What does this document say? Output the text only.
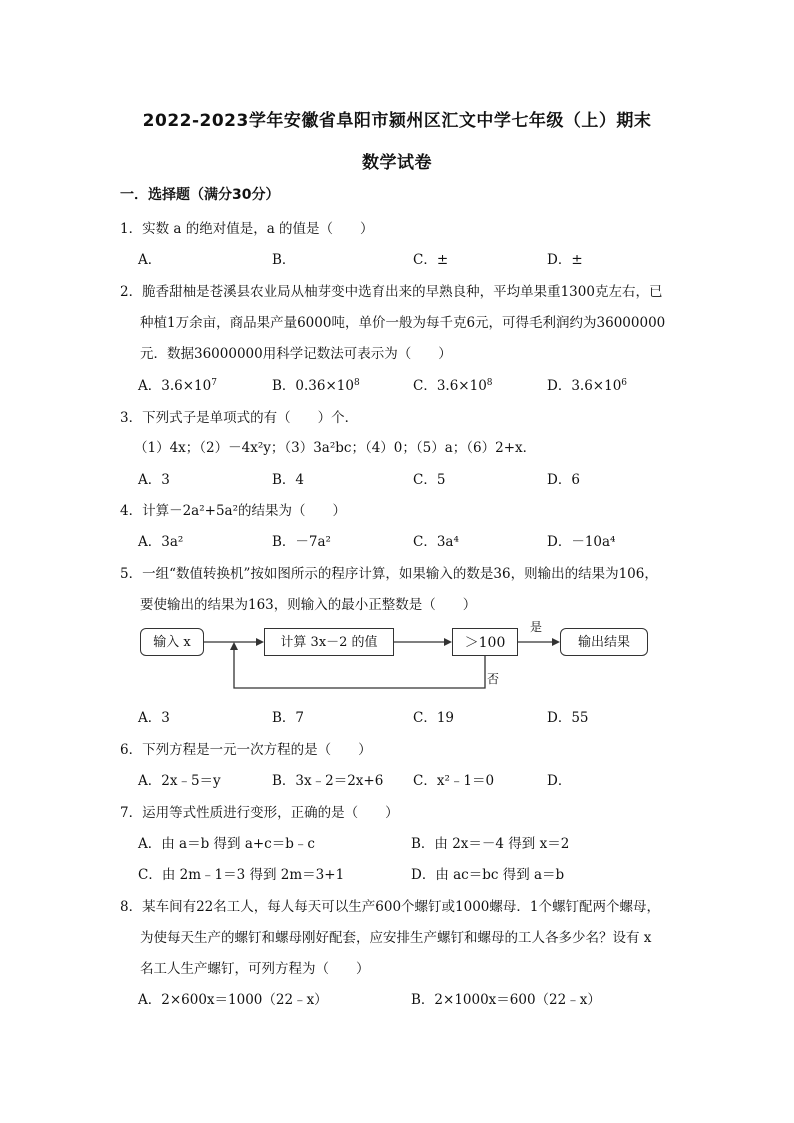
2022-2023学年安徽省阜阳市颍州区汇文中学七年级（上）期末
数学试卷
一．选择题（满分30分）
1．实数 a 的绝对值是，a 的值是（　　）
A．	B．	C．±	D．±
2．脆香甜柚是苍溪县农业局从柚芽变中选育出来的早熟良种，平均单果重1300克左右，已
种植1万余亩，商品果产量6000吨，单价一般为每千克6元，可得毛利润约为36000000
元．数据36000000用科学记数法可表示为（　　）
A．$3.6\times 10^7$	B．$0.36\times 10^8$	C．$3.6\times 10^8$	D．$3.6\times 10^6$
3．下列式子是单项式的有（　　）个．
（1）4x；（2）－4x²y；（3）3a²bc；（4）0；（5）a；（6）2+x．
A．3	B．4	C．5	D．6
4．计算－2a²+5a²的结果为（　　）
A．3a²	B．－7a²	C．3a⁴	D．－10a⁴
5．一组“数值转换机”按如图所示的程序计算，如果输入的数是36，则输出的结果为106，
要使输出的结果为163，则输入的最小正整数是（　　）
输入 x	计算 3x－2 的值	＞100	输出结果
是
否
A．3	B．7	C．19	D．55
6．下列方程是一元一次方程的是（　　）
A．2x﹣5＝y	B．3x﹣2＝2x+6 C．x²﹣1＝0	D．
7．运用等式性质进行变形，正确的是（　　）
A．由 a＝b 得到 a+c＝b﹣c	B．由 2x＝－4 得到 x＝2
C．由 2m﹣1＝3 得到 2m＝3+1	D．由 ac＝bc 得到 a＝b
8．某车间有22名工人，每人每天可以生产600个螺钉或1000螺母．1个螺钉配两个螺母，
为使每天生产的螺钉和螺母刚好配套，应安排生产螺钉和螺母的工人各多少名？设有 x
名工人生产螺钉，可列方程为（　　）
A．2×600x＝1000（22﹣x）	B．2×1000x＝600（22﹣x）
